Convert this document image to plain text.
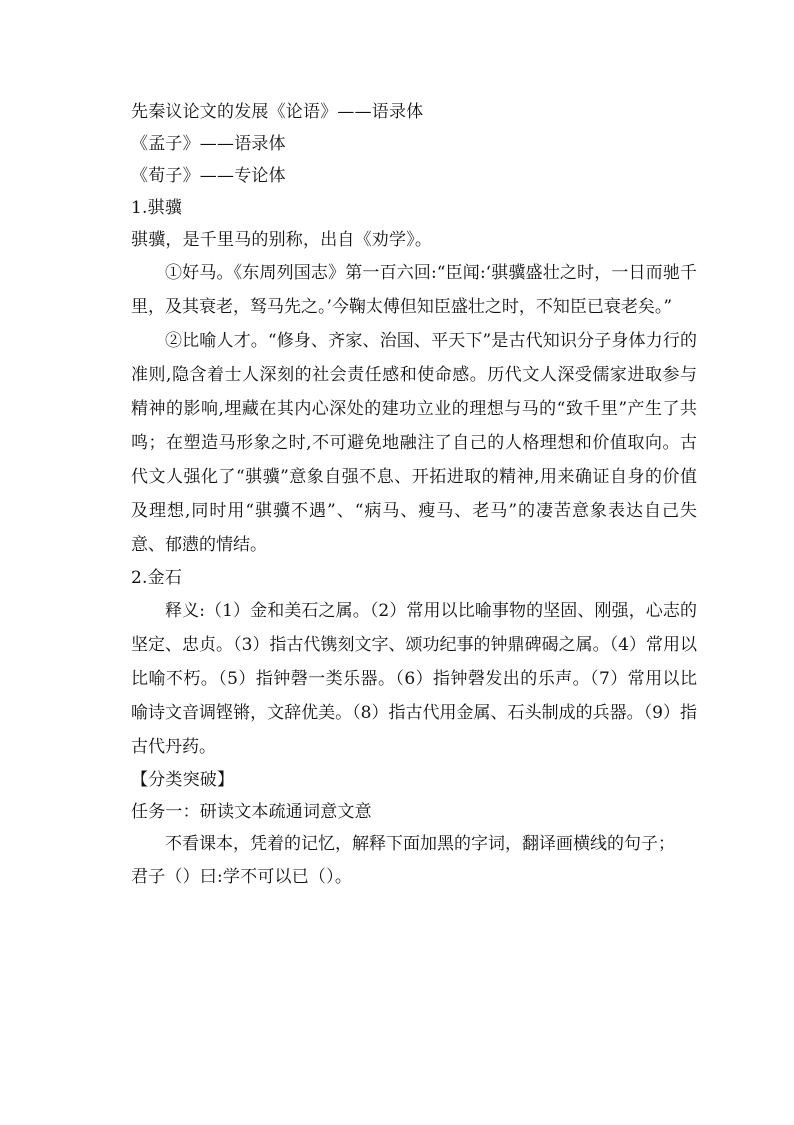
先秦议论文的发展《论语》——语录体
《孟子》——语录体
《荀子》——专论体
1.骐骥
骐骥，是千里马的别称，出自《劝学》。

①好马。《东周列国志》第一百六回:“臣闻:‘骐骥盛壮之时，一日而驰千里，及其衰老，驽马先之。’今鞠太傅但知臣盛壮之时，不知臣已衰老矣。”

②比喻人才。“修身、齐家、治国、平天下”是古代知识分子身体力行的准则,隐含着士人深刻的社会责任感和使命感。历代文人深受儒家进取参与精神的影响,埋藏在其内心深处的建功立业的理想与马的“致千里”产生了共鸣；在塑造马形象之时,不可避免地融注了自己的人格理想和价值取向。古代文人强化了“骐骥”意象自强不息、开拓进取的精神,用来确证自身的价值及理想,同时用“骐骥不遇”、“病马、瘦马、老马”的凄苦意象表达自己失意、郁懑的情结。

2.金石

释义:（1）金和美石之属。（2）常用以比喻事物的坚固、刚强，心志的坚定、忠贞。（3）指古代镌刻文字、颂功纪事的钟鼎碑碣之属。（4）常用以比喻不朽。（5）指钟磬一类乐器。（6）指钟磬发出的乐声。（7）常用以比喻诗文音调铿锵，文辞优美。（8）指古代用金属、石头制成的兵器。（9）指古代丹药。

【分类突破】
任务一：研读文本疏通词意文意

不看课本，凭着的记忆，解释下面加黑的字词，翻译画横线的句子；

君子（）曰:学不可以已（）。
